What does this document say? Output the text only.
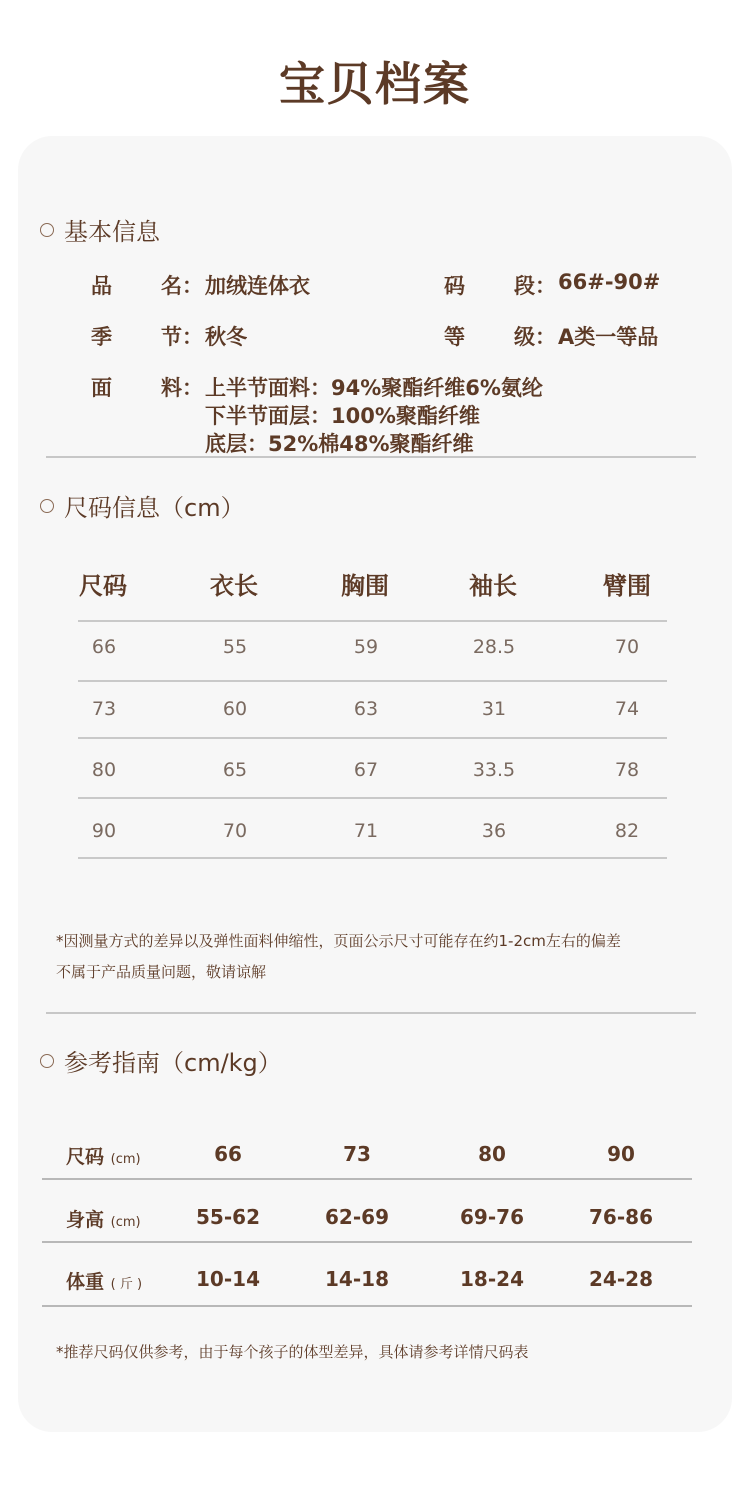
宝贝档案
基本信息
品 名 ： 加绒连体衣	码 段 ： 66#-90#
季 节 ： 秋冬	等 级 ： A类一等品
面 料 ： 上半节面料：94%聚酯纤维6%氨纶
下半节面层：100%聚酯纤维
底层：52%棉48%聚酯纤维
尺码信息（cm）
尺码	衣长	胸围	袖长	臂围
66	55	59	28.5	70
73	60	63	31	74
80	65	67	33.5	78
90	70	71	36	82
*因测量方式的差异以及弹性面料伸缩性，页面公示尺寸可能存在约1-2cm左右的偏差
不属于产品质量问题，敬请谅解
参考指南（cm/kg）
尺码 (cm)	66	73	80	90
身高 (cm)	55-62	62-69	69-76	76-86
体重 ( 斤 )	10-14	14-18	18-24	24-28
*推荐尺码仅供参考，由于每个孩子的体型差异，具体请参考详情尺码表
